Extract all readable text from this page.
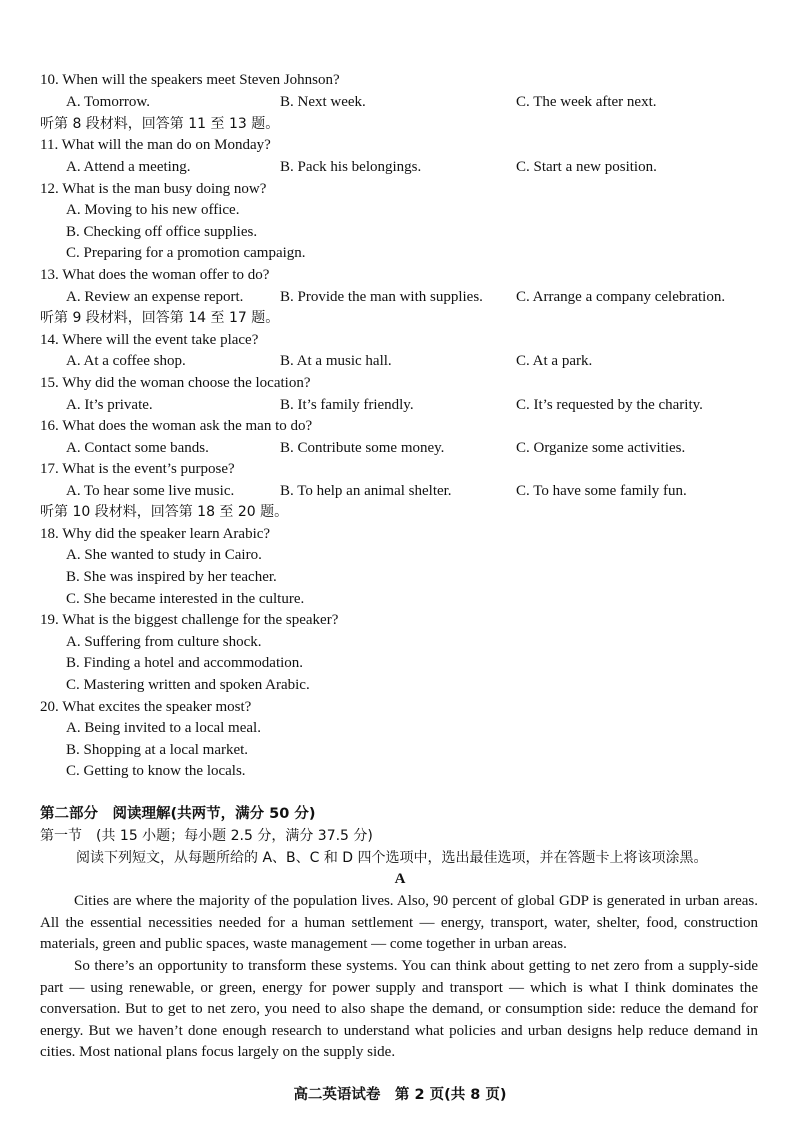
10. When will the speakers meet Steven Johnson?
A. Tomorrow.	B. Next week.	C. The week after next.
听第 8 段材料，回答第 11 至 13 题。
11. What will the man do on Monday?
A. Attend a meeting.	B. Pack his belongings.	C. Start a new position.
12. What is the man busy doing now?
A. Moving to his new office.
B. Checking off office supplies.
C. Preparing for a promotion campaign.
13. What does the woman offer to do?
A. Review an expense report. B. Provide the man with supplies. C. Arrange a company celebration.
听第 9 段材料，回答第 14 至 17 题。
14. Where will the event take place?
A. At a coffee shop.	B. At a music hall.	C. At a park.
15. Why did the woman choose the location?
A. It’s private.	B. It’s family friendly.	C. It’s requested by the charity.
16. What does the woman ask the man to do?
A. Contact some bands.	B. Contribute some money.	C. Organize some activities.
17. What is the event’s purpose?
A. To hear some live music.	B. To help an animal shelter.	C. To have some family fun.
听第 10 段材料，回答第 18 至 20 题。
18. Why did the speaker learn Arabic?
A. She wanted to study in Cairo.
B. She was inspired by her teacher.
C. She became interested in the culture.
19. What is the biggest challenge for the speaker?
A. Suffering from culture shock.
B. Finding a hotel and accommodation.
C. Mastering written and spoken Arabic.
20. What excites the speaker most?
A. Being invited to a local meal.
B. Shopping at a local market.
C. Getting to know the locals.
第二部分　阅读理解(共两节，满分 50 分)
第一节　(共 15 小题；每小题 2.5 分，满分 37.5 分)
阅读下列短文，从每题所给的 A、B、C 和 D 四个选项中，选出最佳选项，并在答题卡上将该项涂黑。
A
Cities are where the majority of the population lives. Also, 90 percent of global GDP is generated in urban areas. All the essential necessities needed for a human settlement — energy, transport, water, shelter, food, construction materials, green and public spaces, waste management — come together in urban areas.
So there’s an opportunity to transform these systems. You can think about getting to net zero from a supply-side part — using renewable, or green, energy for power supply and transport — which is what I think dominates the conversation. But to get to net zero, you need to also shape the demand, or consumption side: reduce the demand for energy. But we haven’t done enough research to understand what policies and urban designs help reduce demand in cities. Most national plans focus largely on the supply side.
高二英语试卷　第 2 页(共 8 页)
